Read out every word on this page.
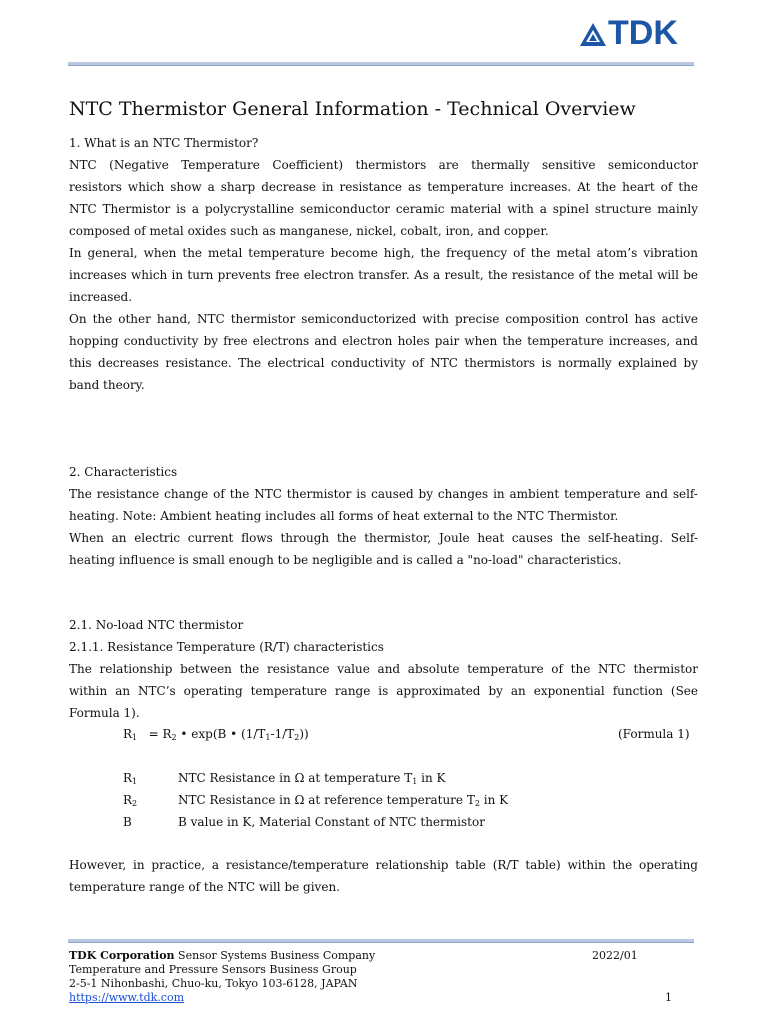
TDK
NTC Thermistor General Information - Technical Overview
1. What is an NTC Thermistor?
NTC (Negative Temperature Coefficient) thermistors are thermally sensitive semiconductor
resistors which show a sharp decrease in resistance as temperature increases. At the heart of the
NTC Thermistor is a polycrystalline semiconductor ceramic material with a spinel structure mainly
composed of metal oxides such as manganese, nickel, cobalt, iron, and copper.
In general, when the metal temperature become high, the frequency of the metal atom’s vibration
increases which in turn prevents free electron transfer. As a result, the resistance of the metal will be
increased.
On the other hand, NTC thermistor semiconductorized with precise composition control has active
hopping conductivity by free electrons and electron holes pair when the temperature increases, and
this decreases resistance. The electrical conductivity of NTC thermistors is normally explained by
band theory.
2. Characteristics
The resistance change of the NTC thermistor is caused by changes in ambient temperature and self-
heating. Note: Ambient heating includes all forms of heat external to the NTC Thermistor.
When an electric current flows through the thermistor, Joule heat causes the self-heating. Self-
heating influence is small enough to be negligible and is called a "no-load" characteristics.
2.1. No-load NTC thermistor
2.1.1. Resistance Temperature (R/T) characteristics
The relationship between the resistance value and absolute temperature of the NTC thermistor
within an NTC’s operating temperature range is approximated by an exponential function (See
Formula 1).
$R_1 = R_2$ • exp(B • $(1/T_1-1/T_2)$)	(Formula 1)
$R_1$	NTC Resistance in Ω at temperature $T_1$ in K
$R_2$	NTC Resistance in Ω at reference temperature $T_2$ in K
B	B value in K, Material Constant of NTC thermistor
However, in practice, a resistance/temperature relationship table (R/T table) within the operating
temperature range of the NTC will be given.
TDK Corporation Sensor Systems Business Company	2022/01
Temperature and Pressure Sensors Business Group
2-5-1 Nihonbashi, Chuo-ku, Tokyo 103-6128, JAPAN
https://www.tdk.com	1
